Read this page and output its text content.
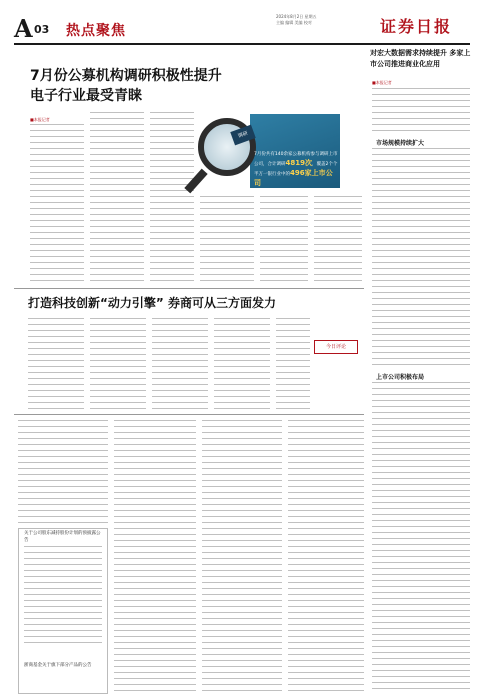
A 03 热点聚焦
2024年8月2日 星期五
主编 编辑 美编 校对	证券日报
7月份公募机构调研积极性提升
电子行业最受青睐
■本报记者
调研
7月份共有140余家公募机构参与调研上市公司，合计调研4819次，覆盖2个个半万一银行业中的496家上市公司
对宏大数据需求持续提升 多家上市公司推进商业化应用
■本报记者
市场规模持续扩大
上市公司积极布局
打造科技创新“动力引擎” 券商可从三方面发力
今日评论
关于公司股东减持股份计划的预披露公告
浙商基金关于旗下部分产品的公告
